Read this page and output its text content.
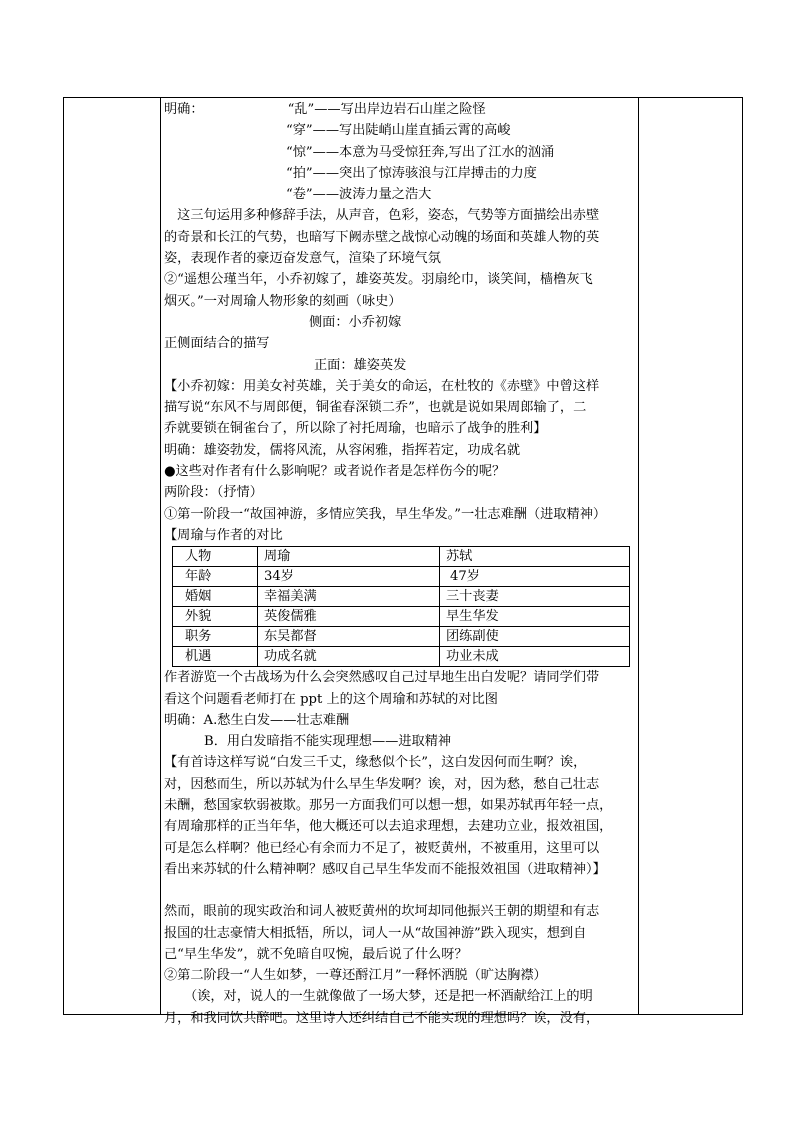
明确：	“乱”——写出岸边岩石山崖之险怪
“穿”——写出陡峭山崖直插云霄的高峻
“惊”——本意为马受惊狂奔,写出了江水的汹涌
“拍”——突出了惊涛骇浪与江岸搏击的力度
“卷”——波涛力量之浩大
　这三句运用多种修辞手法，从声音，色彩，姿态，气势等方面描绘出赤壁
的奇景和长江的气势，也暗写下阙赤壁之战惊心动魄的场面和英雄人物的英
姿，表现作者的豪迈奋发意气，渲染了环境气氛
②“遥想公瑾当年，小乔初嫁了，雄姿英发。羽扇纶巾，谈笑间，樯橹灰飞
烟灭。”一对周瑜人物形象的刻画（咏史）
侧面：小乔初嫁
正侧面结合的描写
正面：雄姿英发
【小乔初嫁：用美女衬英雄，关于美女的命运，在杜牧的《赤壁》中曾这样
描写说“东风不与周郎便，铜雀春深锁二乔”，也就是说如果周郎输了，二
乔就要锁在铜雀台了，所以除了衬托周瑜，也暗示了战争的胜利】
明确：雄姿勃发，儒将风流，从容闲雅，指挥若定，功成名就
●这些对作者有什么影响呢？或者说作者是怎样伤今的呢？
两阶段：（抒情）
①第一阶段一“故国神游，多情应笑我，早生华发。”一壮志难酬（进取精神）
【周瑜与作者的对比
人物	周瑜	苏轼
年龄	34岁	47岁
婚姻	幸福美满	三十丧妻
外貌	英俊儒雅	早生华发
职务	东吴都督	团练副使
机遇	功成名就	功业未成
作者游览一个古战场为什么会突然感叹自己过早地生出白发呢？请同学们带
看这个问题看老师打在 ppt 上的这个周瑜和苏轼的对比图
明确：A.愁生白发——壮志难酬
B．用白发暗指不能实现理想——进取精神
【有首诗这样写说“白发三千丈，缘愁似个长”，这白发因何而生啊？诶，
对，因愁而生，所以苏轼为什么早生华发啊？诶，对，因为愁，愁自己壮志
未酬，愁国家软弱被欺。那另一方面我们可以想一想，如果苏轼再年轻一点，
有周瑜那样的正当年华，他大概还可以去追求理想，去建功立业，报效祖国，
可是怎么样啊？他已经心有余而力不足了，被贬黄州，不被重用，这里可以
看出来苏轼的什么精神啊？感叹自己早生华发而不能报效祖国（进取精神）】
然而，眼前的现实政治和词人被贬黄州的坎坷却同他振兴王朝的期望和有志
报国的壮志豪情大相抵牾，所以，词人一从“故国神游”跌入现实，想到自
己“早生华发”，就不免暗自叹惋，最后说了什么呀？
②第二阶段一“人生如梦，一尊还酹江月”一释怀洒脱（旷达胸襟）
（诶，对，说人的一生就像做了一场大梦，还是把一杯酒献给江上的明
月，和我同饮共醉吧。这里诗人还纠结自己不能实现的理想吗？诶，没有，
